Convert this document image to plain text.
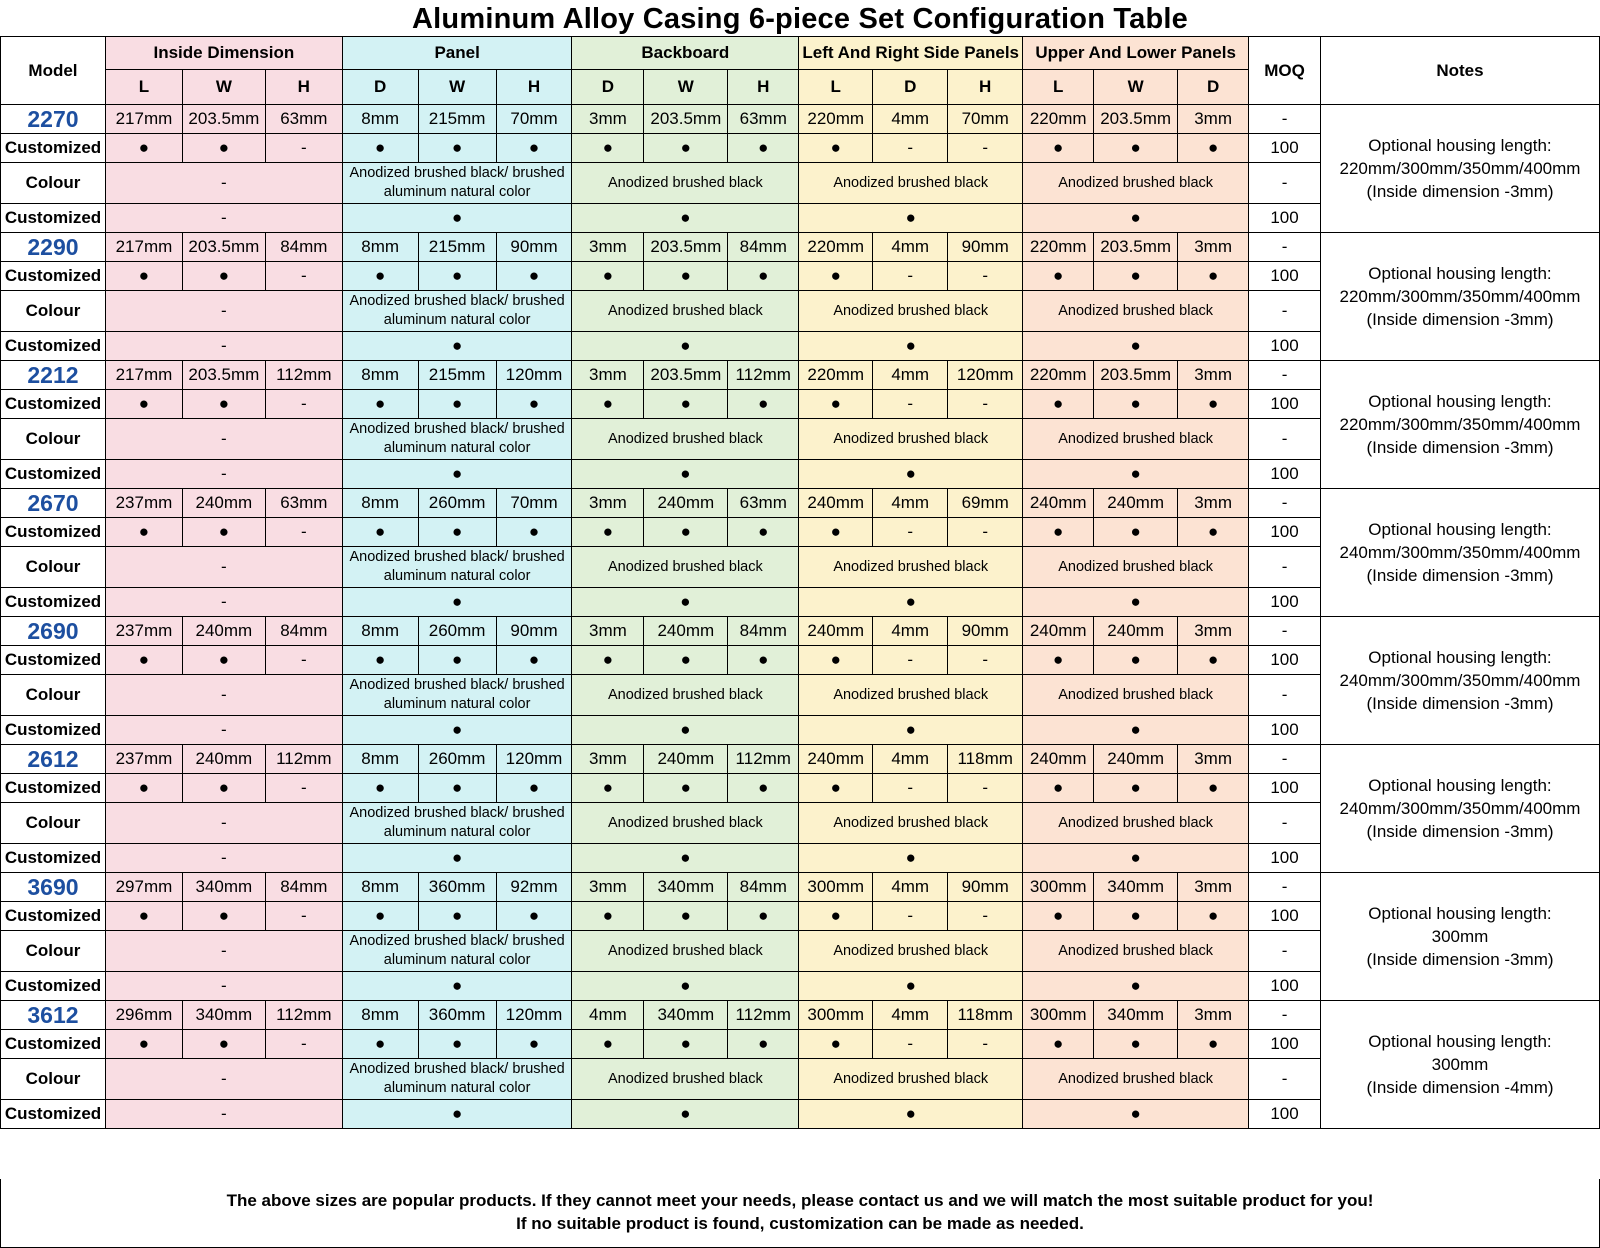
Aluminum Alloy Casing 6-piece Set Configuration Table
Model	Inside Dimension			Panel			Backboard			Left And Right Side Panels			Upper And Lower Panels			MOQ	Notes
	L	W	H	D	W	H	D	W	H	L	D	H	L	W	D		
2270	217mm	203.5mm	63mm	8mm	215mm	70mm	3mm	203.5mm	63mm	220mm	4mm	70mm	220mm	203.5mm	3mm	-	Optional housing length:
220mm/300mm/350mm/400mm
(Inside dimension -3mm)

Customized	●	●	-	●	●	●	●	●	●	●	-	-	●	●	●	100	
Colour	-			Anodized brushed black/ brushed aluminum natural color			Anodized brushed black			Anodized brushed black			Anodized brushed black			-	
Customized	-			●			●			●			●			100	
2290	217mm	203.5mm	84mm	8mm	215mm	90mm	3mm	203.5mm	84mm	220mm	4mm	90mm	220mm	203.5mm	3mm	-	Optional housing length:
220mm/300mm/350mm/400mm
(Inside dimension -3mm)

Customized	●	●	-	●	●	●	●	●	●	●	-	-	●	●	●	100	
Colour	-			Anodized brushed black/ brushed aluminum natural color			Anodized brushed black			Anodized brushed black			Anodized brushed black			-	
Customized	-			●			●			●			●			100	
2212	217mm	203.5mm	112mm	8mm	215mm	120mm	3mm	203.5mm	112mm	220mm	4mm	120mm	220mm	203.5mm	3mm	-	Optional housing length:
220mm/300mm/350mm/400mm
(Inside dimension -3mm)

Customized	●	●	-	●	●	●	●	●	●	●	-	-	●	●	●	100	
Colour	-			Anodized brushed black/ brushed aluminum natural color			Anodized brushed black			Anodized brushed black			Anodized brushed black			-	
Customized	-			●			●			●			●			100	
2670	237mm	240mm	63mm	8mm	260mm	70mm	3mm	240mm	63mm	240mm	4mm	69mm	240mm	240mm	3mm	-	Optional housing length:
240mm/300mm/350mm/400mm
(Inside dimension -3mm)

Customized	●	●	-	●	●	●	●	●	●	●	-	-	●	●	●	100	
Colour	-			Anodized brushed black/ brushed aluminum natural color			Anodized brushed black			Anodized brushed black			Anodized brushed black			-	
Customized	-			●			●			●			●			100	
2690	237mm	240mm	84mm	8mm	260mm	90mm	3mm	240mm	84mm	240mm	4mm	90mm	240mm	240mm	3mm	-	Optional housing length:
240mm/300mm/350mm/400mm
(Inside dimension -3mm)

Customized	●	●	-	●	●	●	●	●	●	●	-	-	●	●	●	100	
Colour	-			Anodized brushed black/ brushed aluminum natural color			Anodized brushed black			Anodized brushed black			Anodized brushed black			-	
Customized	-			●			●			●			●			100	
2612	237mm	240mm	112mm	8mm	260mm	120mm	3mm	240mm	112mm	240mm	4mm	118mm	240mm	240mm	3mm	-	Optional housing length:
240mm/300mm/350mm/400mm
(Inside dimension -3mm)

Customized	●	●	-	●	●	●	●	●	●	●	-	-	●	●	●	100	
Colour	-			Anodized brushed black/ brushed aluminum natural color			Anodized brushed black			Anodized brushed black			Anodized brushed black			-	
Customized	-			●			●			●			●			100	
3690	297mm	340mm	84mm	8mm	360mm	92mm	3mm	340mm	84mm	300mm	4mm	90mm	300mm	340mm	3mm	-	Optional housing length:
300mm
(Inside dimension -3mm)

Customized	●	●	-	●	●	●	●	●	●	●	-	-	●	●	●	100	
Colour	-			Anodized brushed black/ brushed aluminum natural color			Anodized brushed black			Anodized brushed black			Anodized brushed black			-	
Customized	-			●			●			●			●			100	
3612	296mm	340mm	112mm	8mm	360mm	120mm	4mm	340mm	112mm	300mm	4mm	118mm	300mm	340mm	3mm	-	Optional housing length:
300mm
(Inside dimension -4mm)

Customized	●	●	-	●	●	●	●	●	●	●	-	-	●	●	●	100	
Colour	-			Anodized brushed black/ brushed aluminum natural color			Anodized brushed black			Anodized brushed black			Anodized brushed black			-	
Customized	-			●			●			●			●			100	
The above sizes are popular products. If they cannot meet your needs, please contact us and we will match the most suitable product for you!
If no suitable product is found, customization can be made as needed.
